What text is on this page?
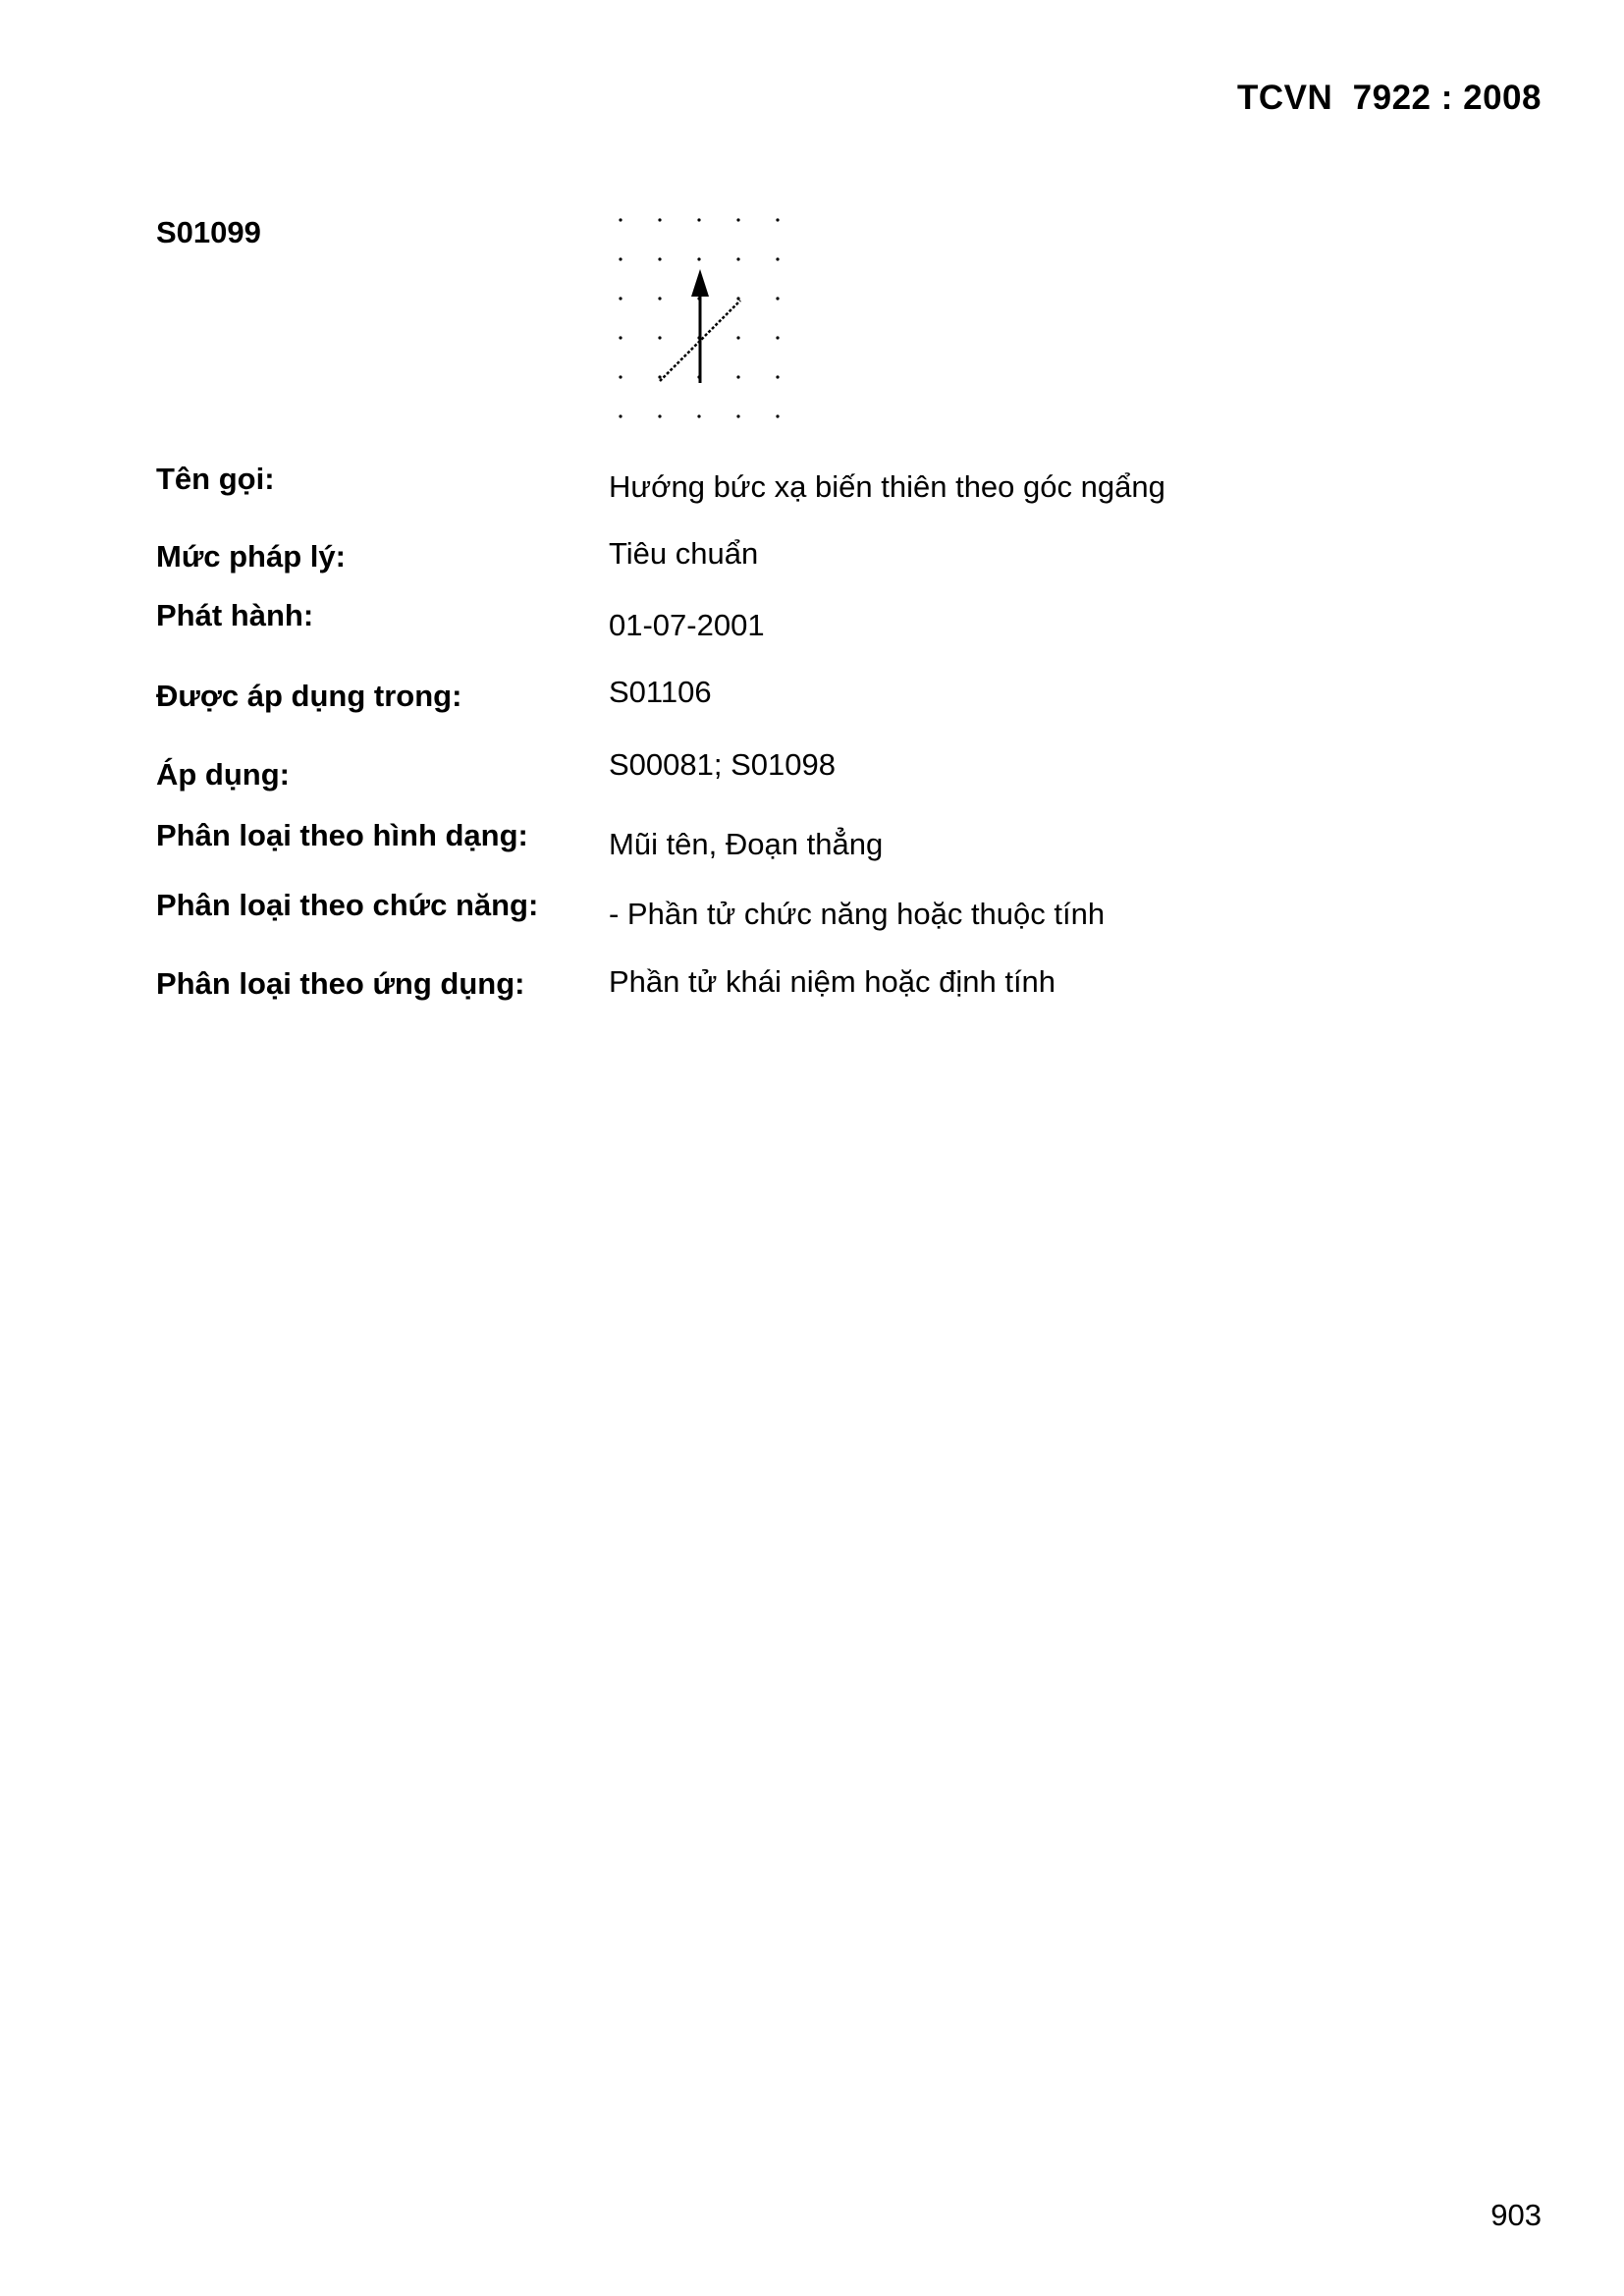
TCVN  7922 : 2008
S01099
Tên gọi:	Hướng bức xạ biến thiên theo góc ngẩng
Mức pháp lý:	Tiêu chuẩn
Phát hành:	01-07-2001
Được áp dụng trong:	S01106
Áp dụng:	S00081; S01098
Phân loại theo hình dạng:	Mũi tên, Đoạn thẳng
Phân loại theo chức năng: - Phần tử chức năng hoặc thuộc tính
Phân loại theo ứng dụng:	Phần tử khái niệm hoặc định tính
903
